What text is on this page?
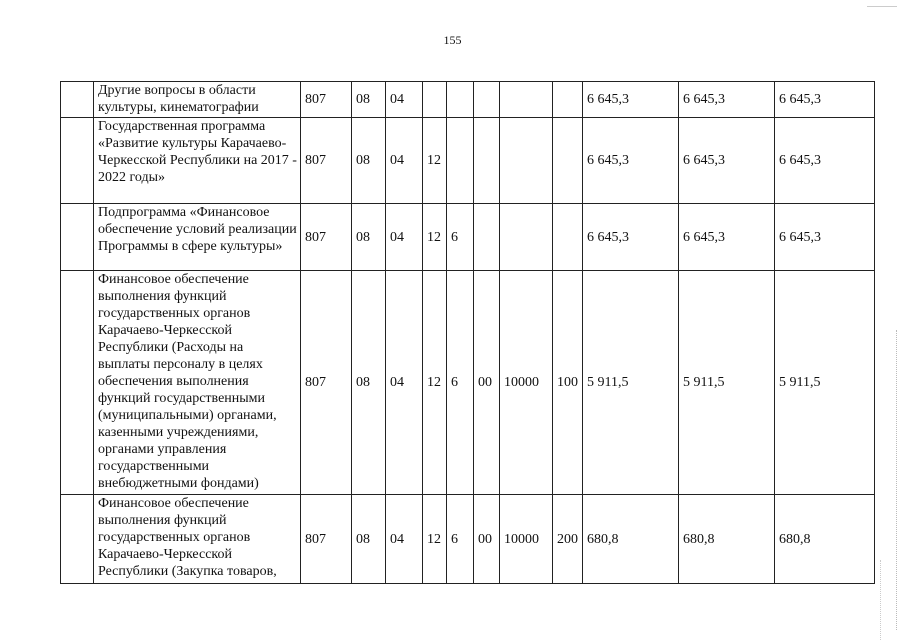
155
	Другие вопросы в области культуры, кинематографии	807	08	04						6 645,3	6 645,3	6 645,3
	Государственная программа «Развитие культуры Карачаево-Черкесской Республики на 2017 - 2022 годы»	807	08	04	12					6 645,3	6 645,3	6 645,3
	Подпрограмма «Финансовое обеспечение условий реализации Программы в сфере культуры»	807	08	04	12	6				6 645,3	6 645,3	6 645,3
	Финансовое обеспечение выполнения функций государственных органов Карачаево-Черкесской Республики (Расходы на выплаты персоналу в целях обеспечения выполнения функций государственными (муниципальными) органами, казенными учреждениями, органами управления государственными внебюджетными фондами)	807	08	04	12	6	00	10000	100	5 911,5	5 911,5	5 911,5
	Финансовое обеспечение выполнения функций государственных органов Карачаево-Черкесской Республики (Закупка товаров,	807	08	04	12	6	00	10000	200	680,8	680,8	680,8
